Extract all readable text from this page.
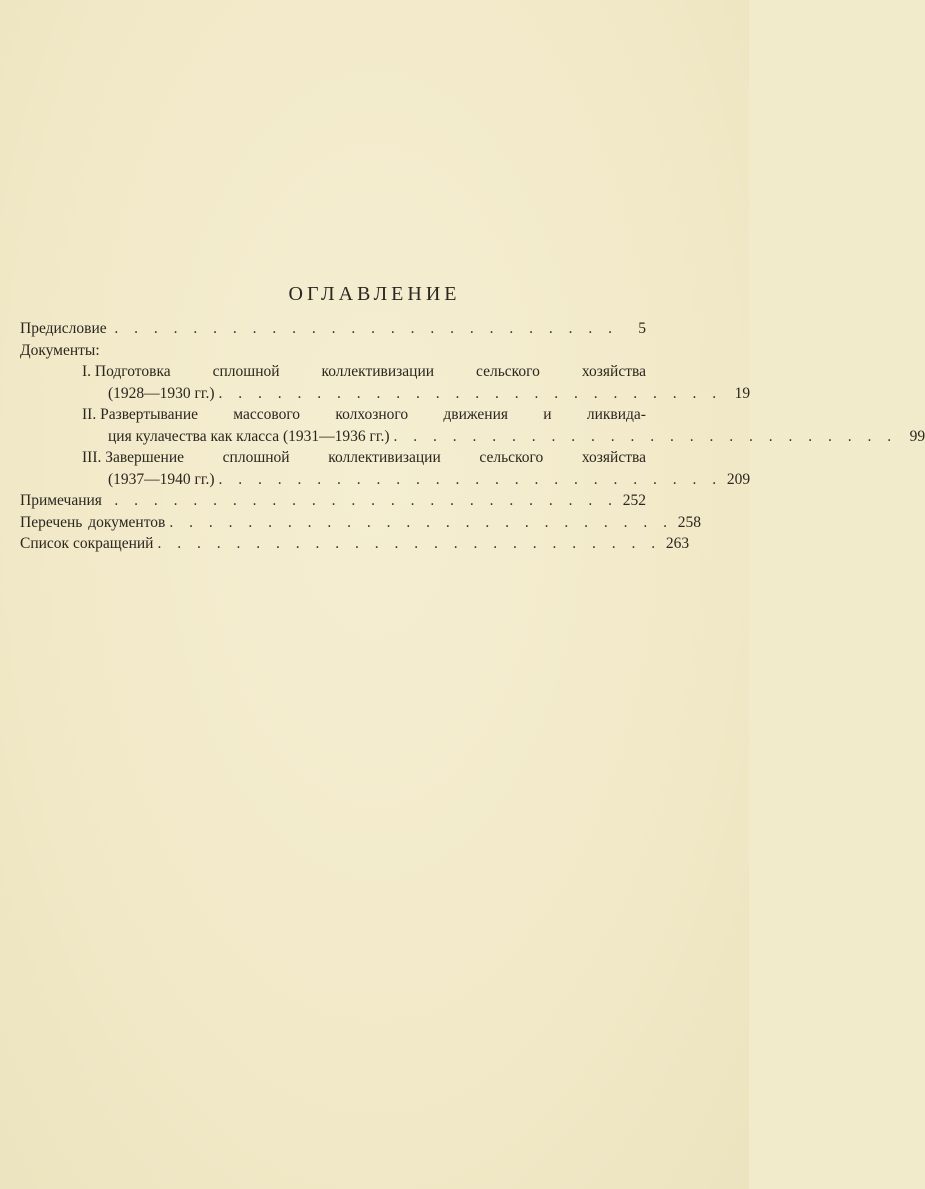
ОГЛАВЛЕНИЕ
Предисловие . . . . . . . . . . . . . . . . . . . . . . . . . .	5
Документы:
I. Подготовка	сплошной	коллективизации	сельского	хозяйства
(1928—1930 гг.) . . . . . . . . . . . . . . . . . . . . . . . . . . 19
II. Развертывание массового колхозного движения и ликвида-
ция кулачества как класса (1931—1936 гг.) . . . . . . . . . . . . . . . . . . . . . . . . . . 99
III. Завершение сплошной коллективизации сельского хозяйства
(1937—1940 гг.) . . . . . . . . . . . . . . . . . . . . . . . . . . 209
Примечания . . . . . . . . . . . . . . . . . . . . . . . . . . 252
Перечень документов . . . . . . . . . . . . . . . . . . . . . . . . . . 258
Список сокращений . . . . . . . . . . . . . . . . . . . . . . . . . . 263
